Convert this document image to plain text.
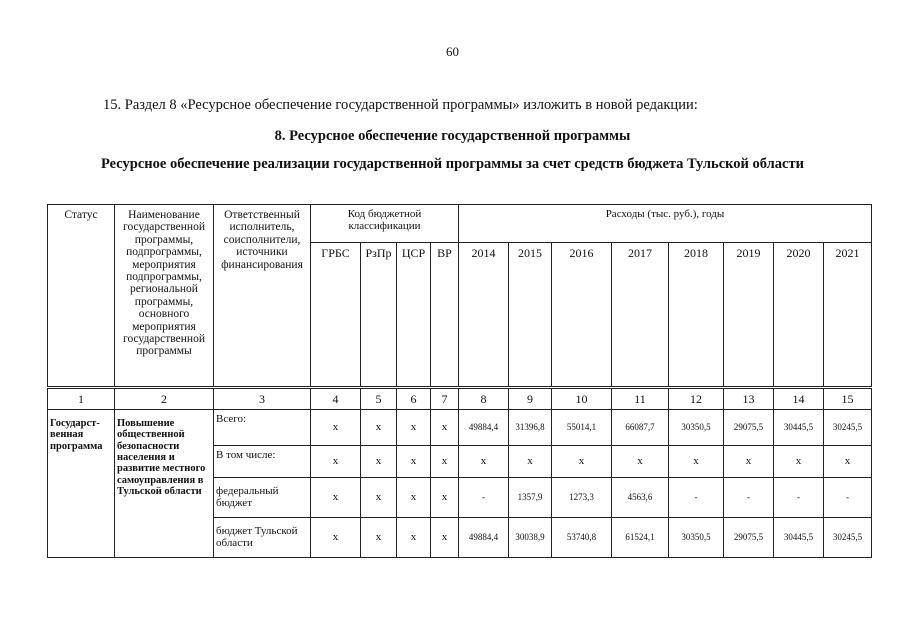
60
15. Раздел 8 «Ресурсное обеспечение государственной программы» изложить в новой редакции:
8. Ресурсное обеспечение государственной программы
Ресурсное обеспечение реализации государственной программы за счет средств бюджета Тульской области
Статус	Наименование государственной программы, подпрограммы, мероприятия подпрограммы, региональной программы, основного мероприятия государственной программы	Ответственный исполнитель, соисполнители, источники финансирования	Код бюджетной классификации				Расходы (тыс. руб.), годы							
			ГРБС	РзПр	ЦСР	ВР	2014	2015	2016	2017	2018	2019	2020	2021
1	2	3	4	5	6	7	8	9	10	11	12	13	14	15
Государст-венная программа	Повышение общественной безопасности населения и развитие местного самоуправления в Тульской области	Всего:	x	x	x	x	49884,4	31396,8	55014,1	66087,7	30350,5	29075,5	30445,5	30245,5
		В том числе:	x	x	x	x	x	x	x	x	x	x	x	x
		федеральный бюджет	x	x	x	x	-	1357,9	1273,3	4563,6	-	-	-	-
		бюджет Тульской области	x	x	x	x	49884,4	30038,9	53740,8	61524,1	30350,5	29075,5	30445,5	30245,5
